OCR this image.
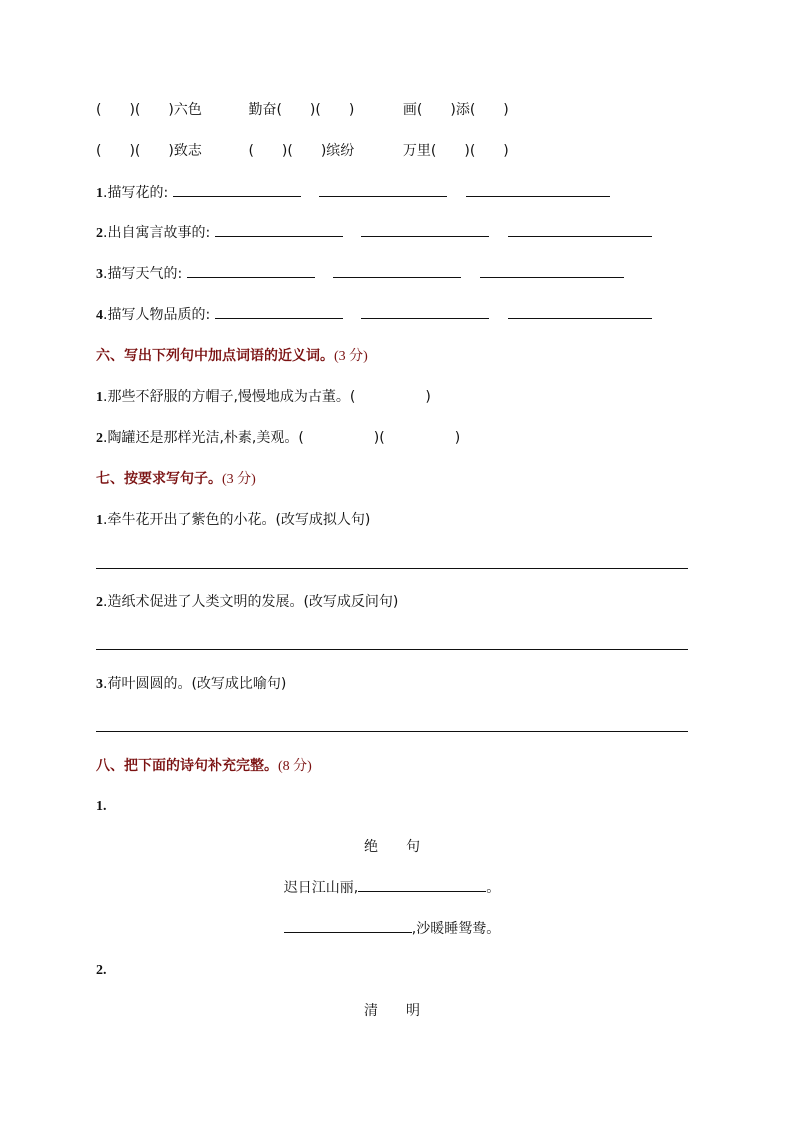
(　　)(　　)六色	勤奋(　　)(　　)	画(　　)添(　　)
(　　)(　　)致志	(　　)(　　)缤纷	万里(　　)(　　)
1.描写花的:
2.出自寓言故事的:
3.描写天气的:
4.描写人物品质的:
六、写出下列句中加点词语的近义词。(3 分)
1.那些不舒服的方帽子,慢慢地成为古董。(　　　　　)
2.陶罐还是那样光洁,朴素,美观。(　　　　　)(　　　　　)
七、按要求写句子。(3 分)
1.牵牛花开出了紫色的小花。(改写成拟人句)
2.造纸术促进了人类文明的发展。(改写成反问句)
3.荷叶圆圆的。(改写成比喻句)
八、把下面的诗句补充完整。(8 分)
1.
绝　　句
迟日江山丽,	。
,沙暖睡鸳鸯。
2.
清　　明
